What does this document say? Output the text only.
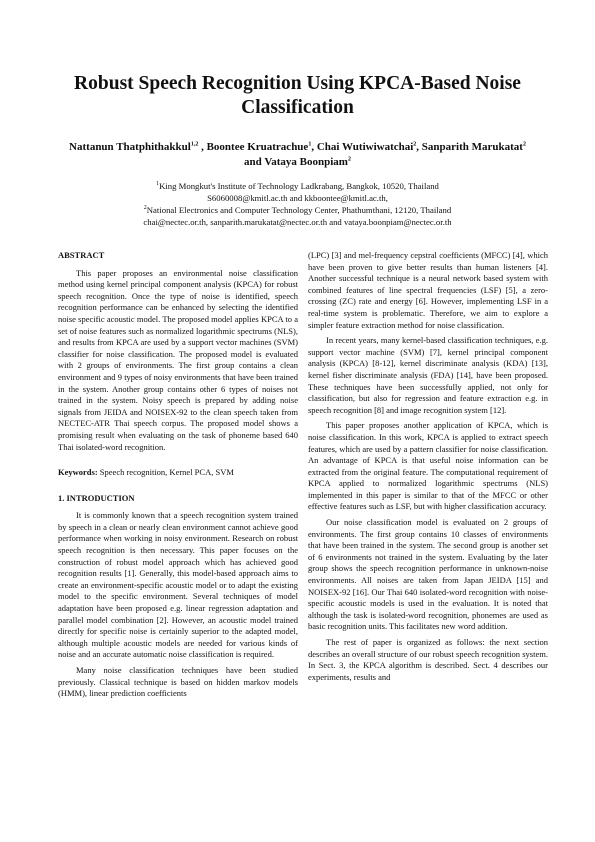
Robust Speech Recognition Using KPCA-Based Noise Classification
Nattanun Thatphithakkul$^{1,2}$ , Boontee Kruatrachue$^1$, Chai Wutiwiwatchai$^2$, Sanparith Marukatat$^2$ and Vataya Boonpiam$^2$
$^1$King Mongkut's Institute of Technology Ladkrabang, Bangkok, 10520, Thailand
S6060008@kmitl.ac.th and kkboontee@kmitl.ac.th,
$^2$National Electronics and Computer Technology Center, Phathumthani, 12120, Thailand
chai@nectec.or.th, sanparith.marukatat@nectec.or.th and vataya.boonpiam@nectec.or.th
ABSTRACT

This paper proposes an environmental noise classification method using kernel principal component analysis (KPCA) for robust speech recognition. Once the type of noise is identified, speech recognition performance can be enhanced by selecting the identified noise specific acoustic model. The proposed model applies KPCA to a set of noise features such as normalized logarithmic spectrums (NLS), and results from KPCA are used by a support vector machines (SVM) classifier for noise classification. The proposed model is evaluated with 2 groups of environments. The first group contains a clean environment and 9 types of noisy environments that have been trained in the system. Another group contains other 6 types of noises not trained in the system. Noisy speech is prepared by adding noise signals from JEIDA and NOISEX-92 to the clean speech taken from NECTEC-ATR Thai speech corpus. The proposed model shows a promising result when evaluating on the task of phoneme based 640 Thai isolated-word recognition.

Keywords: Speech recognition, Kernel PCA, SVM

1. INTRODUCTION

It is commonly known that a speech recognition system trained by speech in a clean or nearly clean environment cannot achieve good performance when working in noisy environment. Research on robust speech recognition is then necessary. This paper focuses on the construction of robust model approach which has achieved good recognition results [1]. Generally, this model-based approach aims to create an environment-specific acoustic model or to adapt the existing model to the specific environment. Several techniques of model adaptation have been proposed e.g. linear regression adaptation and parallel model combination [2]. However, an acoustic model trained directly for specific noise is certainly superior to the adapted model, although multiple acoustic models are needed for various kinds of noise and an accurate automatic noise classification is required.

Many noise classification techniques have been studied previously. Classical technique is based on hidden markov models (HMM), linear prediction coefficients

(LPC) [3] and mel-frequency cepstral coefficients (MFCC) [4], which have been proven to give better results than human listeners [4]. Another successful technique is a neural network based system with combined features of line spectral frequencies (LSF) [5], a zero-crossing (ZC) rate and energy [6]. However, implementing LSF in a real-time system is problematic. Therefore, we aim to explore a simpler feature extraction method for noise classification.

In recent years, many kernel-based classification techniques, e.g. support vector machine (SVM) [7], kernel principal component analysis (KPCA) [8-12], kernel discriminate analysis (KDA) [13], kernel fisher discriminate analysis (FDA) [14], have been proposed. These techniques have been successfully applied, not only for classification, but also for regression and feature extraction e.g. in speech recognition [8] and image recognition system [12].

This paper proposes another application of KPCA, which is noise classification. In this work, KPCA is applied to extract speech features, which are used by a pattern classifier for noise classification. An advantage of KPCA is that useful noise information can be extracted from the original feature. The computational requirement of KPCA applied to normalized logarithmic spectrums (NLS) implemented in this paper is similar to that of the MFCC or other effective features such as LSF, but with higher classification accuracy.

Our noise classification model is evaluated on 2 groups of environments. The first group contains 10 classes of environments that have been trained in the system. The second group is another set of 6 environments not trained in the system. Evaluating by the later group shows the speech recognition performance in unknown-noise environments. All noises are taken from Japan JEIDA [15] and NOISEX-92 [16]. Our Thai 640 isolated-word recognition with noise-specific acoustic models is used in the evaluation. It is noted that although the task is isolated-word recognition, phonemes are used as basic recognition units. This facilitates new word addition.

The rest of paper is organized as follows: the next section describes an overall structure of our robust speech recognition system. In Sect. 3, the KPCA algorithm is described. Sect. 4 describes our experiments, results and
